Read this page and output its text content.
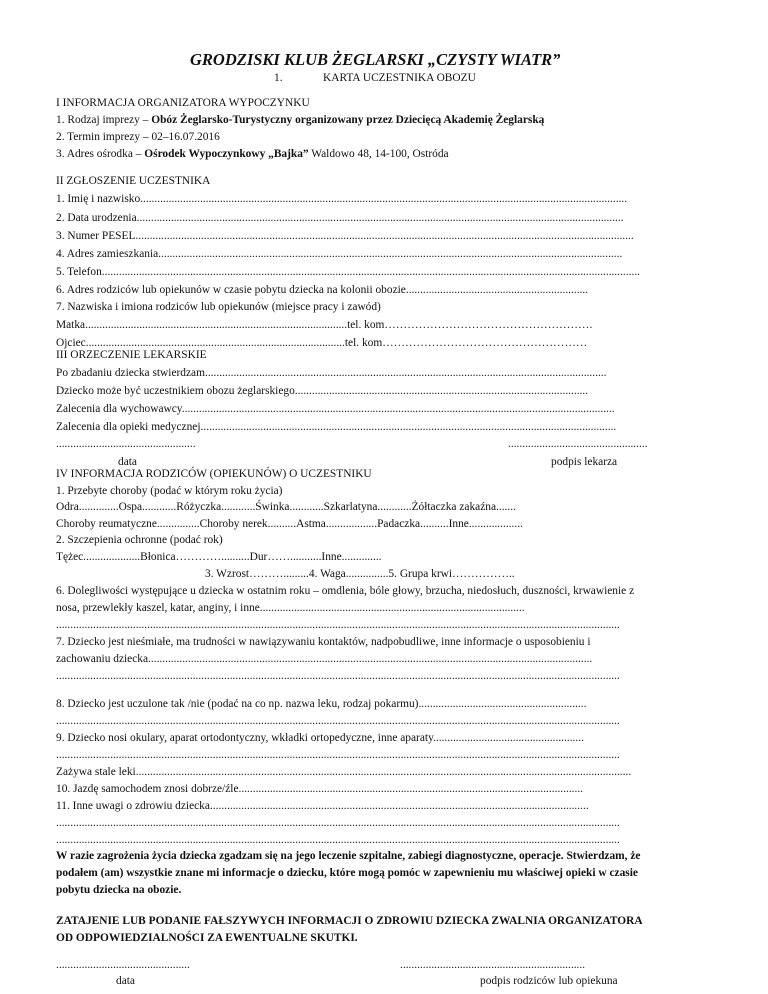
GRODZISKI KLUB ŻEGLARSKI „CZYSTY WIATR”
1.	KARTA UCZESTNIKA OBOZU
I INFORMACJA ORGANIZATORA WYPOCZYNKU
1. Rodzaj imprezy – Obóz Żeglarsko-Turystyczny organizowany przez Dziecięcą Akademię Żeglarską
2. Termin imprezy – 02–16.07.2016
3. Adres ośrodka – Ośrodek Wypoczynkowy „Bajka” Waldowo 48, 14-100, Ostróda
II ZGŁOSZENIE UCZESTNIKA
1. Imię i nazwisko...........................................................................................................................................................................
2. Data urodzenia...........................................................................................................................................................................
3. Numer PESEL...............................................................................................................................................................................
4. Adres zamieszkania...................................................................................................................................................................
5. Telefon.............................................................................................................................................................................................
6. Adres rodziców lub opiekunów w czasie pobytu dziecka na kolonii obozie................................................................
7. Nazwiska i imiona rodziców lub opiekunów (miejsce pracy i zawód)
Matka............................................................................................tel. kom……………………………………………….
Ojciec...........................................................................................tel. kom………………………………………………
III ORZECZENIE LEKARSKIE
Po zbadaniu dziecka stwierdzam.............................................................................................................................................
Dziecko może być uczestnikiem obozu żeglarskiego.......................................................................................................
Zalecenia dla wychowawcy........................................................................................................................................................
Zalecenia dla opieki medycznej..................................................................................................................................................
.................................................	.................................................
data	podpis lekarza
IV INFORMACJA RODZICÓW (OPIEKUNÓW) O UCZESTNIKU
1. Przebyte choroby (podać w którym roku życia)
Odra..............Ospa............Różyczka............Świnka............Szkarlatyna............Żółtaczka zakaźna.......
Choroby reumatyczne...............Choroby nerek..........Astma..................Padaczka..........Inne...................
2. Szczepienia ochronne (podać rok)
Tężec....................Błonica…………..........Dur……...........Inne..............
3. Wzrost……….........4. Waga...............5. Grupa krwi……………..
6. Dolegliwości występujące u dziecka w ostatnim roku – omdlenia, bóle głowy, brzucha, niedosłuch, duszności, krwawienie z
nosa, przewlekły kaszel, katar, anginy, i inne.............................................................................................
......................................................................................................................................................................................................
7. Dziecko jest nieśmiałe, ma trudności w nawiązywaniu kontaktów, nadpobudliwe, inne informacje o usposobieniu i
zachowaniu dziecka............................................................................................................................................................
......................................................................................................................................................................................................
8. Dziecko jest uczulone tak /nie (podać na co np. nazwa leku, rodzaj pokarmu)...........................................................
......................................................................................................................................................................................................
9. Dziecko nosi okulary, aparat ortodontyczny, wkładki ortopedyczne, inne aparaty.....................................................
......................................................................................................................................................................................................
Zażywa stale leki..............................................................................................................................................................................
10. Jazdę samochodem znosi dobrze/źle.........................................................................................................................
11. Inne uwagi o zdrowiu dziecka.....................................................................................................................................
......................................................................................................................................................................................................
......................................................................................................................................................................................................
W razie zagrożenia życia dziecka zgadzam się na jego leczenie szpitalne, zabiegi diagnostyczne, operacje. Stwierdzam, że
podałem (am) wszystkie znane mi informacje o dziecku, które mogą pomóc w zapewnieniu mu właściwej opieki w czasie
pobytu dziecka na obozie.
ZATAJENIE LUB PODANIE FAŁSZYWYCH INFORMACJI O ZDROWIU DZIECKA ZWALNIA ORGANIZATORA
OD ODPOWIEDZIALNOŚCI ZA EWENTUALNE SKUTKI.
...............................................	.................................................................
data	podpis rodziców lub opiekuna
